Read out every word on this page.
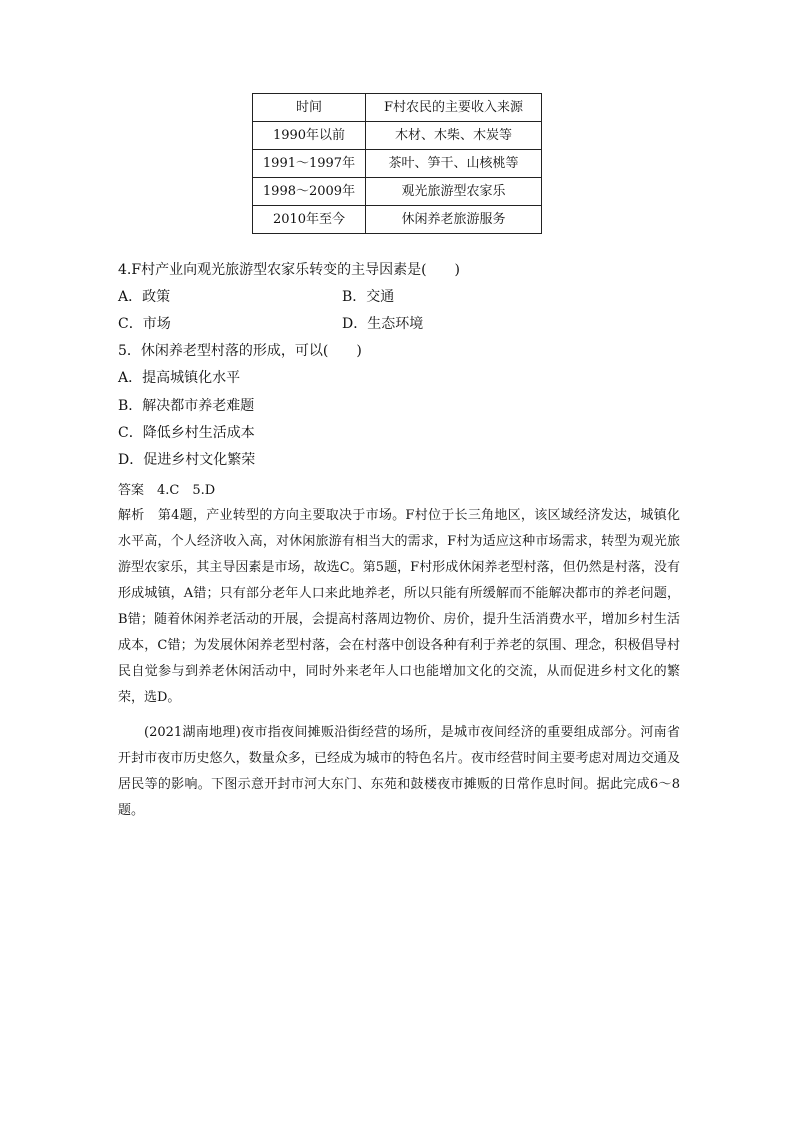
时间	F村农民的主要收入来源
1990年以前	木材、木柴、木炭等
1991～1997年	茶叶、笋干、山核桃等
1998～2009年	观光旅游型农家乐
2010年至今	休闲养老旅游服务
4.F村产业向观光旅游型农家乐转变的主导因素是(　　)
A．政策	B．交通
C．市场	D．生态环境
5．休闲养老型村落的形成，可以(　　)
A．提高城镇化水平
B．解决都市养老难题
C．降低乡村生活成本
D．促进乡村文化繁荣
答案　4.C　5.D

解析　第4题，产业转型的方向主要取决于市场。F村位于长三角地区，该区域经济发达，城镇化水平高，个人经济收入高，对休闲旅游有相当大的需求，F村为适应这种市场需求，转型为观光旅游型农家乐，其主导因素是市场，故选C。第5题，F村形成休闲养老型村落，但仍然是村落，没有形成城镇，A错；只有部分老年人口来此地养老，所以只能有所缓解而不能解决都市的养老问题，B错；随着休闲养老活动的开展，会提高村落周边物价、房价，提升生活消费水平，增加乡村生活成本，C错；为发展休闲养老型村落，会在村落中创设各种有利于养老的氛围、理念，积极倡导村民自觉参与到养老休闲活动中，同时外来老年人口也能增加文化的交流，从而促进乡村文化的繁荣，选D。

(2021湖南地理)夜市指夜间摊贩沿街经营的场所，是城市夜间经济的重要组成部分。河南省开封市夜市历史悠久，数量众多，已经成为城市的特色名片。夜市经营时间主要考虑对周边交通及居民等的影响。下图示意开封市河大东门、东苑和鼓楼夜市摊贩的日常作息时间。据此完成6～8题。
